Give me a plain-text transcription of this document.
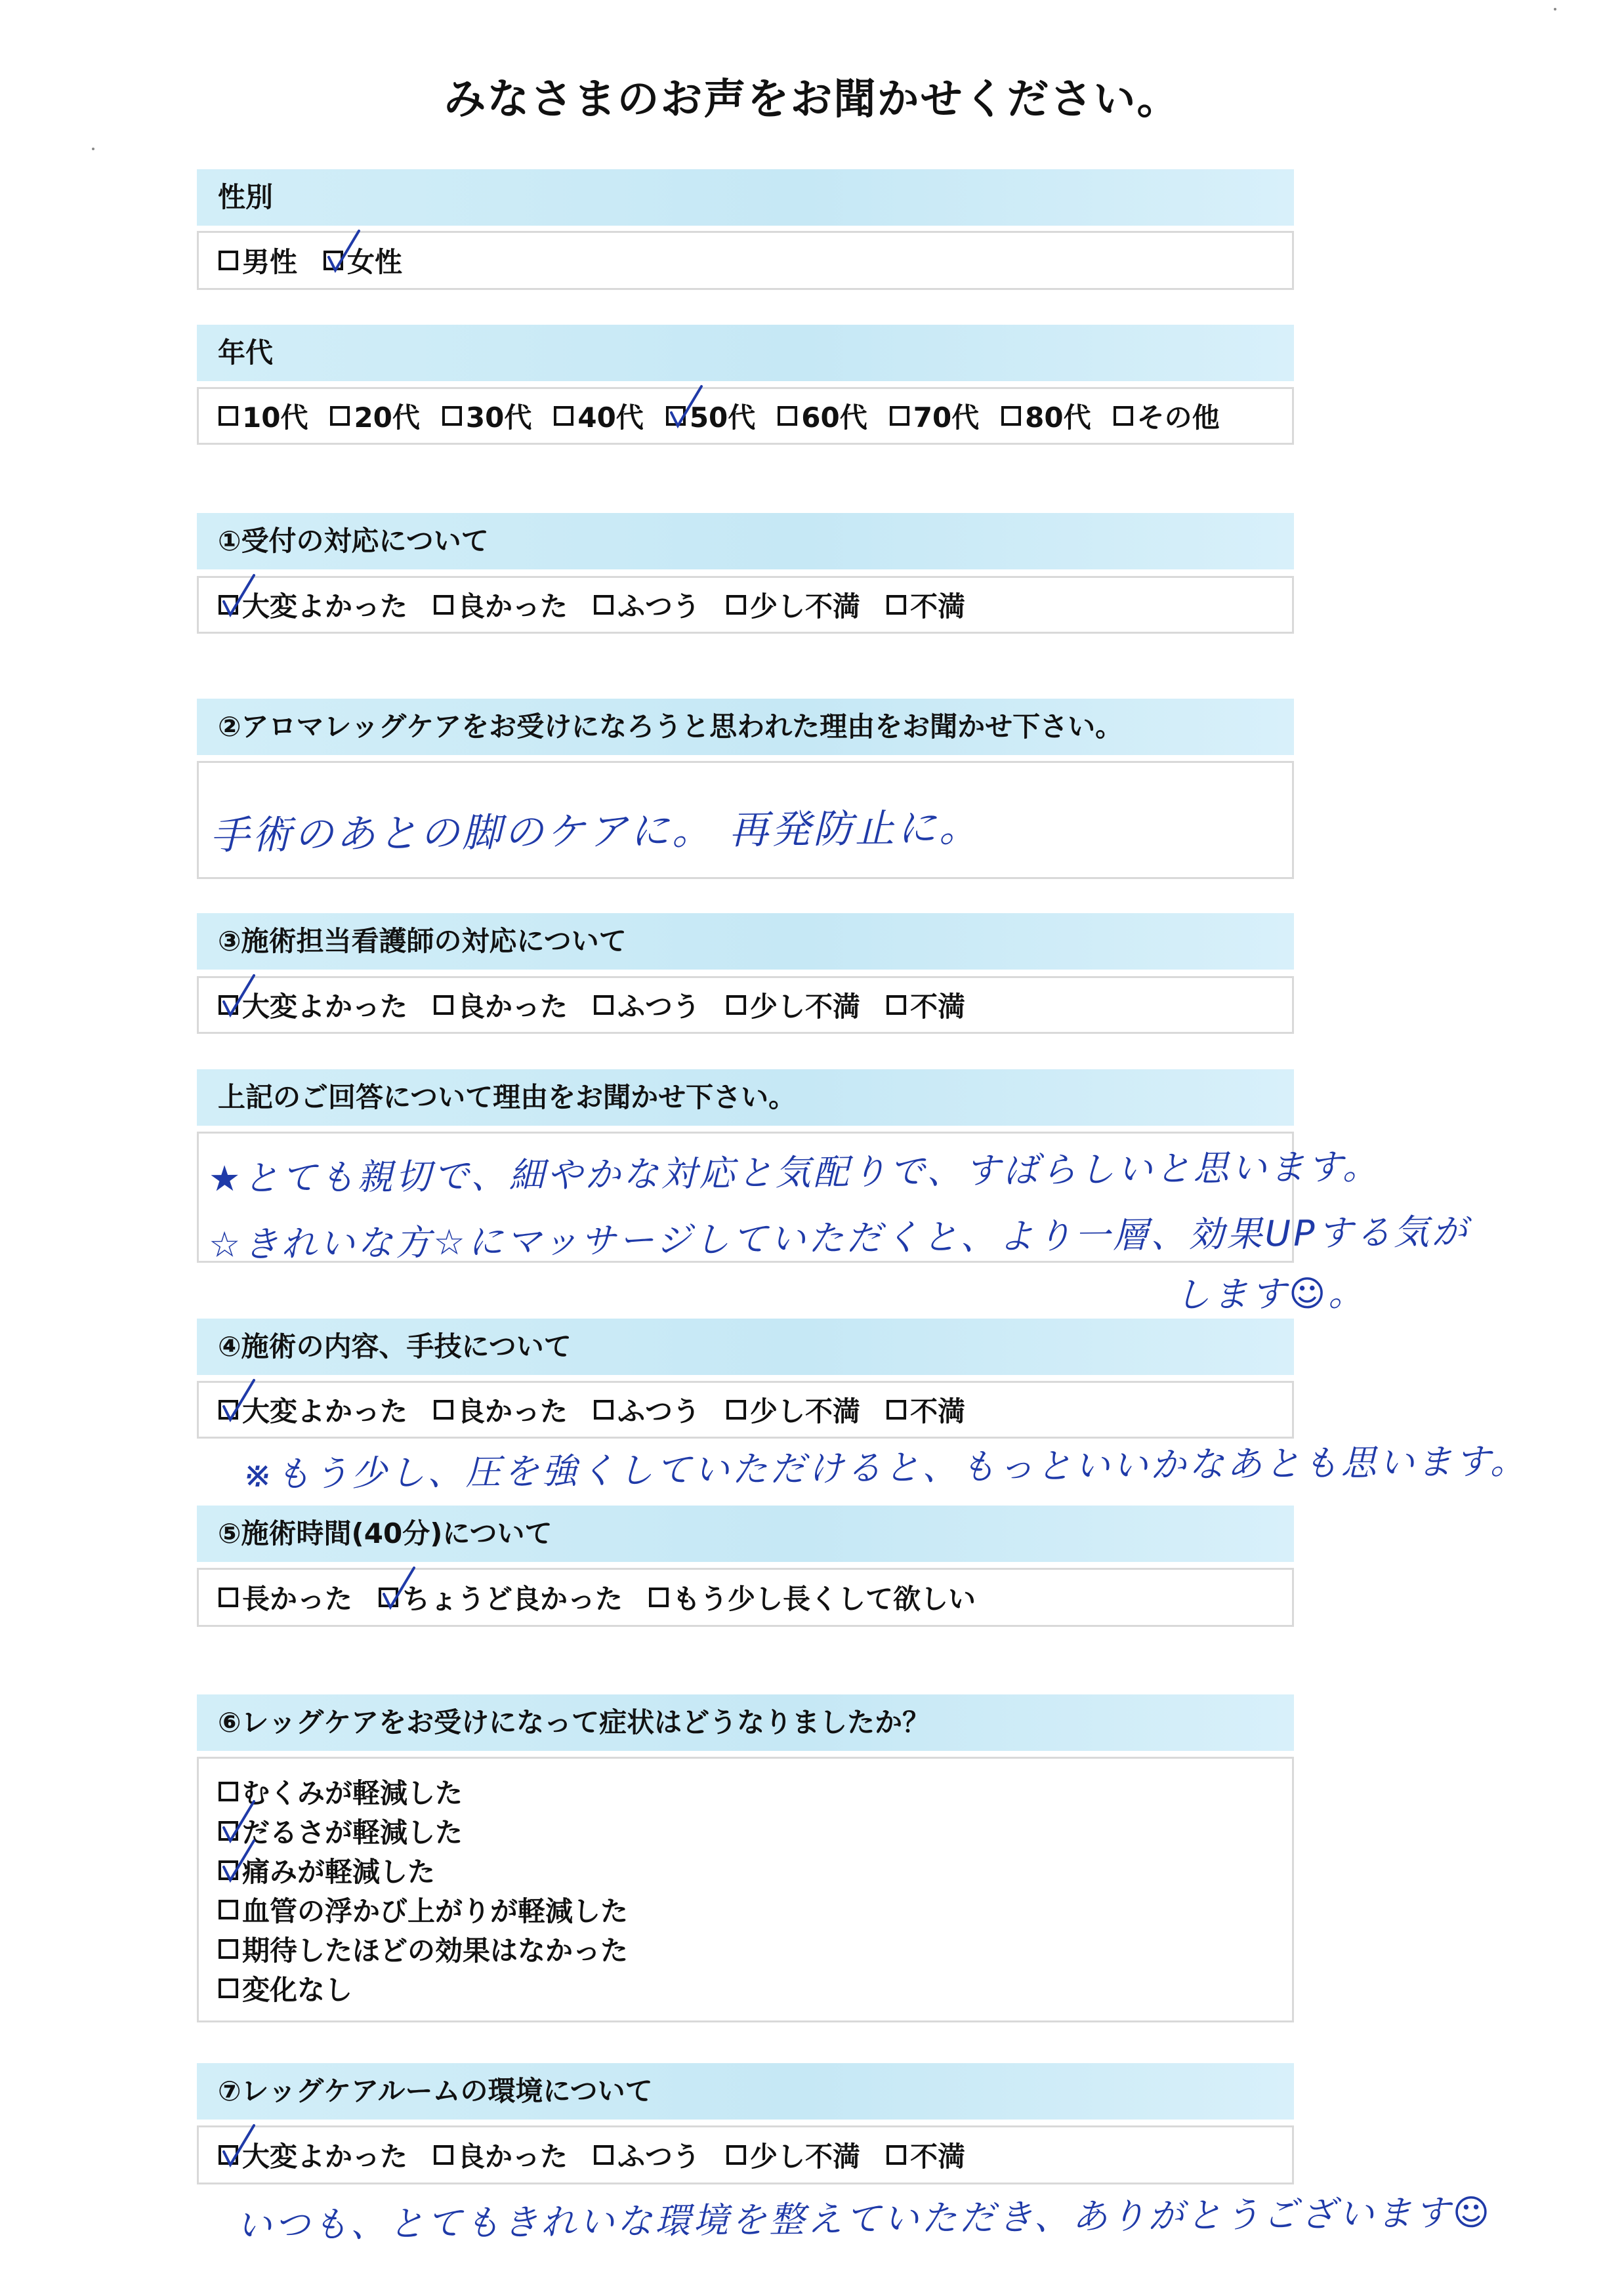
みなさまのお声をお聞かせください。
性別
男性 女性
年代
10代 20代 30代 40代 50代 60代 70代 80代 その他
①受付の対応について
大変よかった 良かった ふつう 少し不満 不満
②アロマレッグケアをお受けになろうと思われた理由をお聞かせ下さい。
手術のあとの脚のケアに。 再発防止に。
③施術担当看護師の対応について
大変よかった 良かった ふつう 少し不満 不満
上記のご回答について理由をお聞かせ下さい。
★とても親切で、細やかな対応と気配りで、すばらしいと思います。
☆きれいな方☆にマッサージしていただくと、より一層、効果UPする気が
します☺。
④施術の内容、手技について
大変よかった 良かった ふつう 少し不満 不満
※もう少し、圧を強くしていただけると、もっといいかなあとも思います。
⑤施術時間(40分)について
長かった ちょうど良かった もう少し長くして欲しい
⑥レッグケアをお受けになって症状はどうなりましたか？
むくみが軽減した
だるさが軽減した
痛みが軽減した
血管の浮かび上がりが軽減した
期待したほどの効果はなかった
変化なし
⑦レッグケアルームの環境について
大変よかった 良かった ふつう 少し不満 不満
いつも、とてもきれいな環境を整えていただき、ありがとうございます☺
